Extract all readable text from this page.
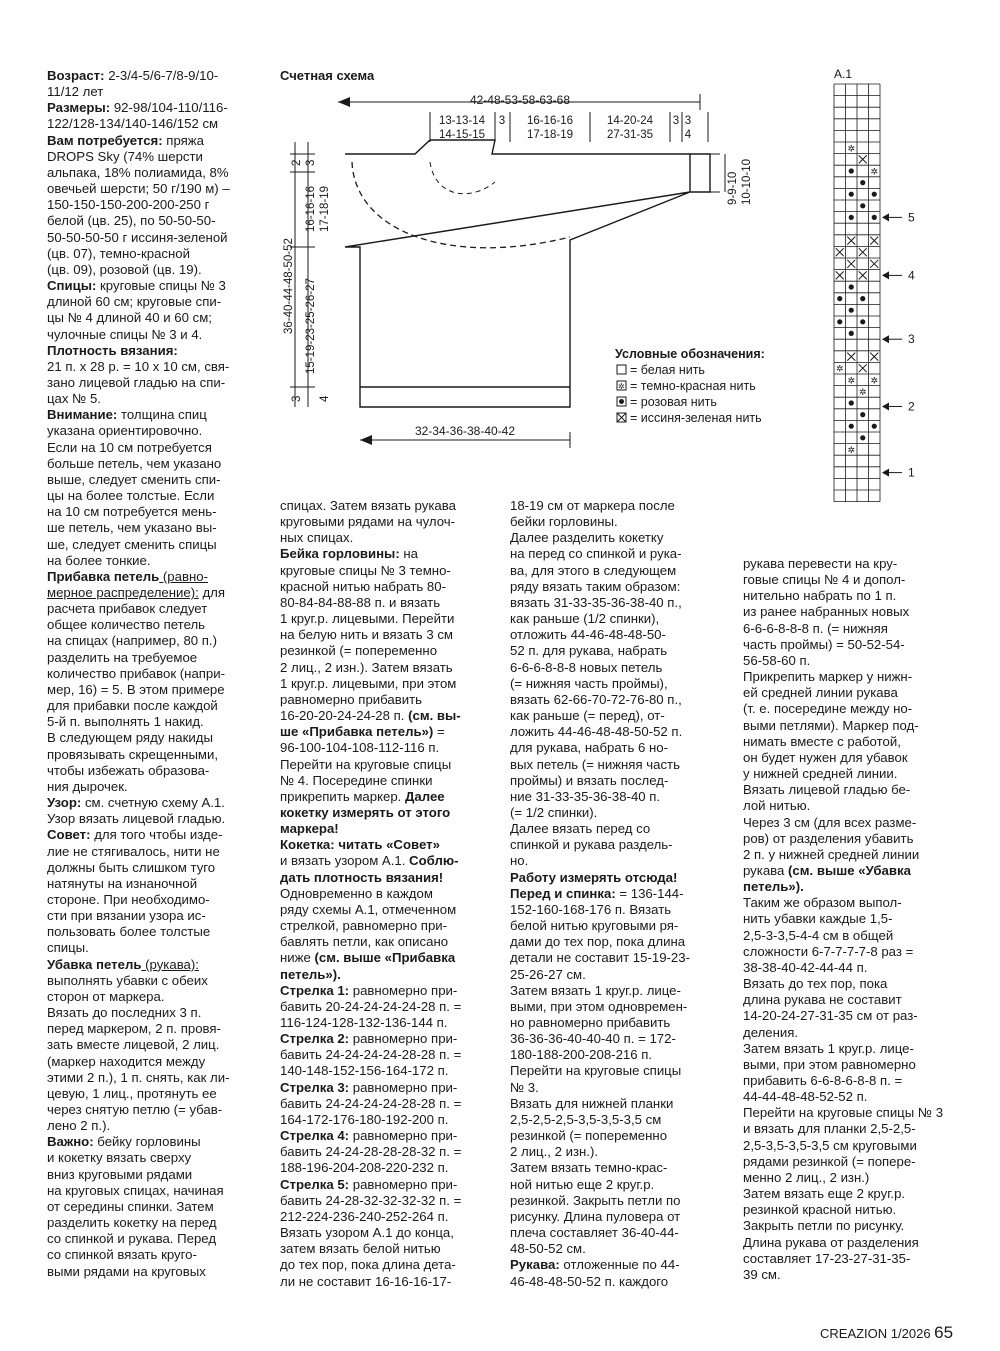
Возраст: 2-3/4-5/6-7/8-9/10-
11/12 лет

Размеры: 92-98/104-110/116-
122/128-134/140-146/152 см

Вам потребуется: пряжа
DROPS Sky (74% шерсти
альпака, 18% полиамида, 8%
овечьей шерсти; 50 г/190 м) –
150-150-150-200-200-250 г
белой (цв. 25), по 50-50-50-
50-50-50-50 г иссиня-зеленой
(цв. 07), темно-красной
(цв. 09), розовой (цв. 19).

Спицы: круговые спицы № 3
длиной 60 см; круговые спи-
цы № 4 длиной 40 и 60 см;
чулочные спицы № 3 и 4.

Плотность вязания:
21 п. х 28 р. = 10 х 10 см, свя-
зано лицевой гладью на спи-
цах № 5.

Внимание: толщина спиц
указана ориентировочно.
Если на 10 см потребуется
больше петель, чем указано
выше, следует сменить спи-
цы на более толстые. Если
на 10 см потребуется мень-
ше петель, чем указано вы-
ше, следует сменить спицы
на более тонкие.

Прибавка петель (равно-
мерное распределение): для
расчета прибавок следует
общее количество петель
на спицах (например, 80 п.)
разделить на требуемое
количество прибавок (напри-
мер, 16) = 5. В этом примере
для прибавки после каждой
5-й п. выполнять 1 накид.
В следующем ряду накиды
провязывать скрещенными,
чтобы избежать образова-
ния дырочек.

Узор: см. счетную схему А.1.
Узор вязать лицевой гладью.

Совет: для того чтобы изде-
лие не стягивалось, нити не
должны быть слишком туго
натянуты на изнаночной
стороне. При необходимо-
сти при вязании узора ис-
пользовать более толстые
спицы.

Убавка петель (рукава):
выполнять убавки с обеих
сторон от маркера.
Вязать до последних 3 п.
перед маркером, 2 п. провя-
зать вместе лицевой, 2 лиц.
(маркер находится между
этими 2 п.), 1 п. снять, как ли-
цевую, 1 лиц., протянуть ее
через снятую петлю (= убав-
лено 2 п.).

Важно: бейку горловины
и кокетку вязать сверху
вниз круговыми рядами
на круговых спицах, начиная
от середины спинки. Затем
разделить кокетку на перед
со спинкой и рукава. Перед
со спинкой вязать круго-
выми рядами на круговых

спицах. Затем вязать рукава
круговыми рядами на чулоч-
ных спицах.

Бейка горловины: на
круговые спицы № 3 темно-
красной нитью набрать 80-
80-84-84-88-88 п. и вязать
1 круг.р. лицевыми. Перейти
на белую нить и вязать 3 см
резинкой (= попеременно
2 лиц., 2 изн.). Затем вязать
1 круг.р. лицевыми, при этом
равномерно прибавить
16-20-20-24-24-28 п. (см. вы-
ше «Прибавка петель») =
96-100-104-108-112-116 п.
Перейти на круговые спицы
№ 4. Посередине спинки
прикрепить маркер. Далее
кокетку измерять от этого
маркера!

Кокетка: читать «Совет»
и вязать узором А.1. Соблю-
дать плотность вязания!
Одновременно в каждом
ряду схемы А.1, отмеченном
стрелкой, равномерно при-
бавлять петли, как описано
ниже (см. выше «Прибавка
петель»).

Стрелка 1: равномерно при-
бавить 20-24-24-24-24-28 п. =
116-124-128-132-136-144 п.

Стрелка 2: равномерно при-
бавить 24-24-24-24-28-28 п. =
140-148-152-156-164-172 п.

Стрелка 3: равномерно при-
бавить 24-24-24-24-28-28 п. =
164-172-176-180-192-200 п.

Стрелка 4: равномерно при-
бавить 24-24-28-28-28-32 п. =
188-196-204-208-220-232 п.

Стрелка 5: равномерно при-
бавить 24-28-32-32-32-32 п. =
212-224-236-240-252-264 п.
Вязать узором А.1 до конца,
затем вязать белой нитью
до тех пор, пока длина дета-
ли не составит 16-16-16-17-

18-19 см от маркера после
бейки горловины.
Далее разделить кокетку
на перед со спинкой и рука-
ва, для этого в следующем
ряду вязать таким образом:
вязать 31-33-35-36-38-40 п.,
как раньше (1/2 спинки),
отложить 44-46-48-48-50-
52 п. для рукава, набрать
6-6-6-8-8-8 новых петель
(= нижняя часть проймы),
вязать 62-66-70-72-76-80 п.,
как раньше (= перед), от-
ложить 44-46-48-48-50-52 п.
для рукава, набрать 6 но-
вых петель (= нижняя часть
проймы) и вязать послед-
ние 31-33-35-36-38-40 п.
(= 1/2 спинки).
Далее вязать перед со
спинкой и рукава раздель-
но.

Работу измерять отсюда!
Перед и спинка: = 136-144-
152-160-168-176 п. Вязать
белой нитью круговыми ря-
дами до тех пор, пока длина
детали не составит 15-19-23-
25-26-27 см.
Затем вязать 1 круг.р. лице-
выми, при этом одновремен-
но равномерно прибавить
36-36-36-40-40-40 п. = 172-
180-188-200-208-216 п.
Перейти на круговые спицы
№ 3.
Вязать для нижней планки
2,5-2,5-2,5-3,5-3,5-3,5 см
резинкой (= попеременно
2 лиц., 2 изн.).
Затем вязать темно-крас-
ной нитью еще 2 круг.р.
резинкой. Закрыть петли по
рисунку. Длина пуловера от
плеча составляет 36-40-44-
48-50-52 см.

Рукава: отложенные по 44-
46-48-48-50-52 п. каждого

рукава перевести на кру-
говые спицы № 4 и допол-
нительно набрать по 1 п.
из ранее набранных новых
6-6-6-8-8-8 п. (= нижняя
часть проймы) = 50-52-54-
56-58-60 п.
Прикрепить маркер у нижн-
ей средней линии рукава
(т. е. посередине между но-
выми петлями). Маркер под-
нимать вместе с работой,
он будет нужен для убавок
у нижней средней линии.
Вязать лицевой гладью бе-
лой нитью.
Через 3 см (для всех разме-
ров) от разделения убавить
2 п. у нижней средней линии
рукава (см. выше «Убавка
петель»).
Таким же образом выпол-
нить убавки каждые 1,5-
2,5-3-3,5-4-4 см в общей
сложности 6-7-7-7-7-8 раз =
38-38-40-42-44-44 п.
Вязать до тех пор, пока
длина рукава не составит
14-20-24-27-31-35 см от раз-
деления.
Затем вязать 1 круг.р. лице-
выми, при этом равномерно
прибавить 6-6-8-6-8-8 п. =
44-44-48-48-52-52 п.
Перейти на круговые спицы № 3
и вязать для планки 2,5-2,5-
2,5-3,5-3,5-3,5 см круговыми
рядами резинкой (= попере-
менно 2 лиц., 2 изн.)
Затем вязать еще 2 круг.р.
резинкой красной нитью.
Закрыть петли по рисунку.
Длина рукава от разделения
составляет 17-23-27-31-35-
39 см.

Счетная схема
42-48-53-58-63-68
13-13-14
14-15-15
3 16-16-16
17-18-19
14-20-24
27-31-35
3 3
4
9-9-10 10-10-10
2 3
36-40-44-48-50-52
16-16-16 17-18-19
15-19-23-25-26-27
3 4
32-34-36-38-40-42
Условные обозначения:
= белая нить
✲ = темно-красная нить
= розовая нить
= иссиня-зеленая нить
А.1
✲
✲
✲
✲ ✲
✲
✲
5
4
3
2
1
CREAZION 1/2026 65
